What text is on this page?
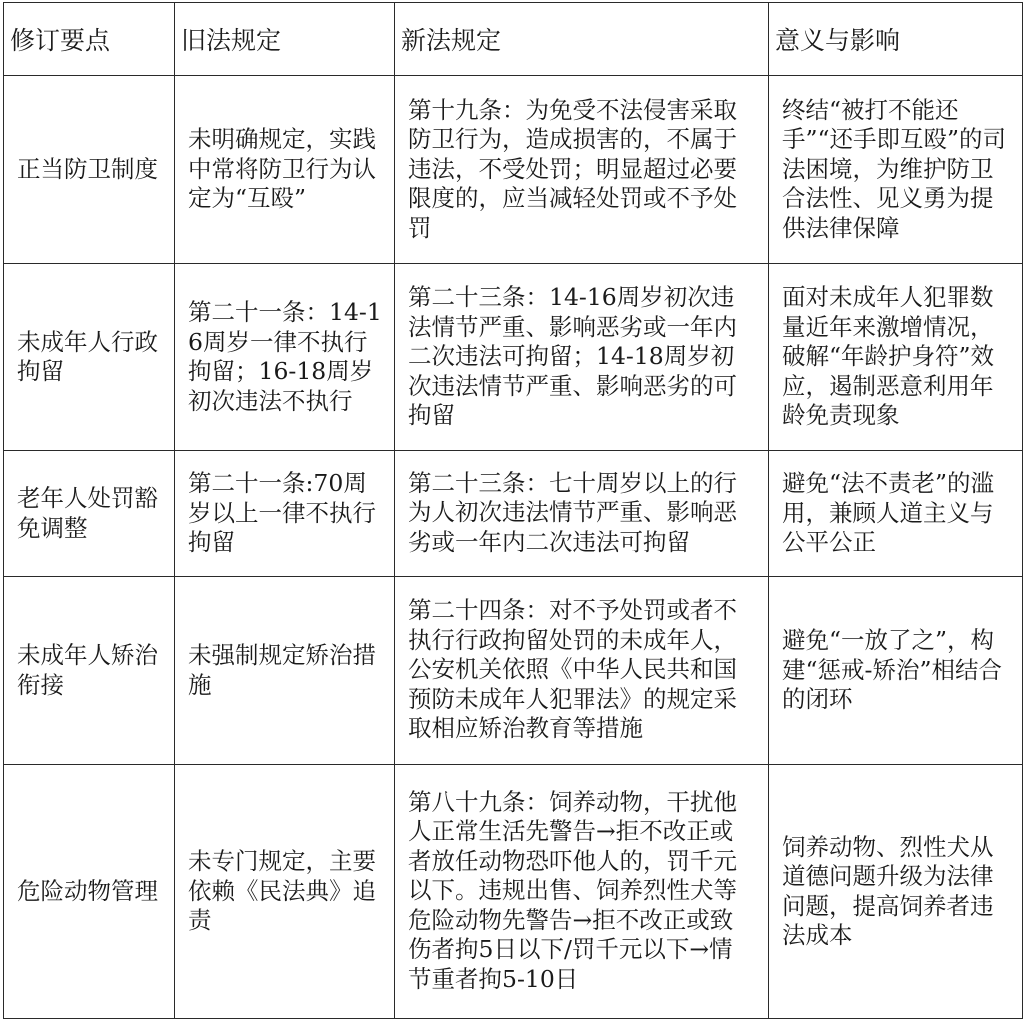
修订要点	旧法规定	新法规定	意义与影响
正当防卫制度	未明确规定，实践中常将防卫行为认定为“互殴”	第十九条：为免受不法侵害采取防卫行为，造成损害的，不属于违法，不受处罚；明显超过必要限度的，应当减轻处罚或不予处罚	终结“被打不能还手”“还手即互殴”的司法困境，为维护防卫合法性、见义勇为提供法律保障
未成年人行政拘留	第二十一条：14-16周岁一律不执行拘留；16-18周岁初次违法不执行	第二十三条：14-16周岁初次违法情节严重、影响恶劣或一年内二次违法可拘留；14-18周岁初次违法情节严重、影响恶劣的可拘留	面对未成年人犯罪数量近年来激增情况，破解“年龄护身符”效应，遏制恶意利用年龄免责现象
老年人处罚豁免调整	第二十一条:70周岁以上一律不执行拘留	第二十三条：七十周岁以上的行为人初次违法情节严重、影响恶劣或一年内二次违法可拘留	避免“法不责老”的滥用，兼顾人道主义与公平公正
未成年人矫治衔接	未强制规定矫治措施	第二十四条：对不予处罚或者不执行行政拘留处罚的未成年人，公安机关依照《中华人民共和国预防未成年人犯罪法》的规定采取相应矫治教育等措施	避免“一放了之”，构建“惩戒-矫治”相结合的闭环
危险动物管理	未专门规定，主要依赖《民法典》追责	第八十九条：饲养动物，干扰他人正常生活先警告→拒不改正或者放任动物恐吓他人的，罚千元以下。违规出售、饲养烈性犬等危险动物先警告→拒不改正或致伤者拘5日以下/罚千元以下→情节重者拘5-10日	饲养动物、烈性犬从道德问题升级为法律问题，提高饲养者违法成本
